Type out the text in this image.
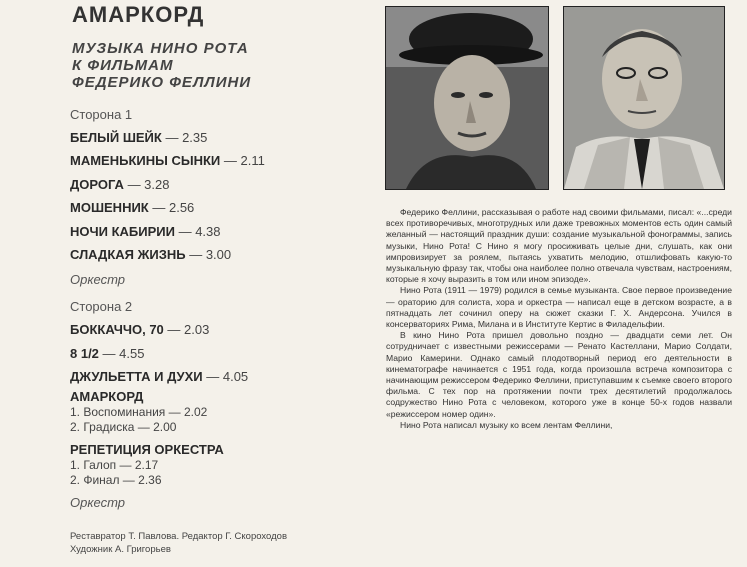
АМАРКОРД
МУЗЫКА НИНО РОТА
К ФИЛЬМАМ
ФЕДЕРИКО ФЕЛЛИНИ
Сторона 1
БЕЛЫЙ ШЕЙК — 2.35
МАМЕНЬКИНЫ СЫНКИ — 2.11
ДОРОГА — 3.28
МОШЕННИК — 2.56
НОЧИ КАБИРИИ — 4.38
СЛАДКАЯ ЖИЗНЬ — 3.00
Оркестр
Сторона 2
БОККАЧЧО, 70 — 2.03
8 1/2 — 4.55
ДЖУЛЬЕТТА И ДУХИ — 4.05
АМАРКОРД
1. Воспоминания — 2.02
2. Градиска — 2.00
РЕПЕТИЦИЯ ОРКЕСТРА
1. Галоп — 2.17
2. Финал — 2.36
Оркестр
Реставратор Т. Павлова. Редактор Г. Скороходов
Художник А. Григорьев

Федерико Феллини, рассказывая о работе над своими фильмами, писал: «...среди всех противоречивых, многотрудных или даже тревожных моментов есть один самый желанный — настоящий праздник души: создание музыкальной фонограммы, запись музыки, Нино Рота! С Нино я могу просиживать целые дни, слушать, как они импровизирует за роялем, пытаясь ухватить мелодию, отшлифовать какую-то музыкальную фразу так, чтобы она наиболее полно отвечала чувствам, настроениям, которые я хочу выразить в том или ином эпизоде».

Нино Рота (1911 — 1979) родился в семье музыканта. Свое первое произведение — ораторию для солиста, хора и оркестра — написал еще в детском возрасте, а в пятнадцать лет сочинил оперу на сюжет сказки Г. Х. Андерсона. Учился в консерваториях Рима, Милана и в Институте Кертис в Филадельфии.

В кино Нино Рота пришел довольно поздно — двадцати семи лет. Он сотрудничает с известными режиссерами — Ренато Кастеллани, Марио Солдати, Марио Камерини. Однако самый плодотворный период его деятельности в кинематографе начинается с 1951 года, когда произошла встреча композитора с начинающим режиссером Федерико Феллини, приступавшим к съемке своего второго фильма. С тех пор на протяжении почти трех десятилетий продолжалось содружество Нино Рота с человеком, которого уже в конце 50-х годов назвали «режиссером номер один».

Нино Рота написал музыку ко всем лентам Феллини,
